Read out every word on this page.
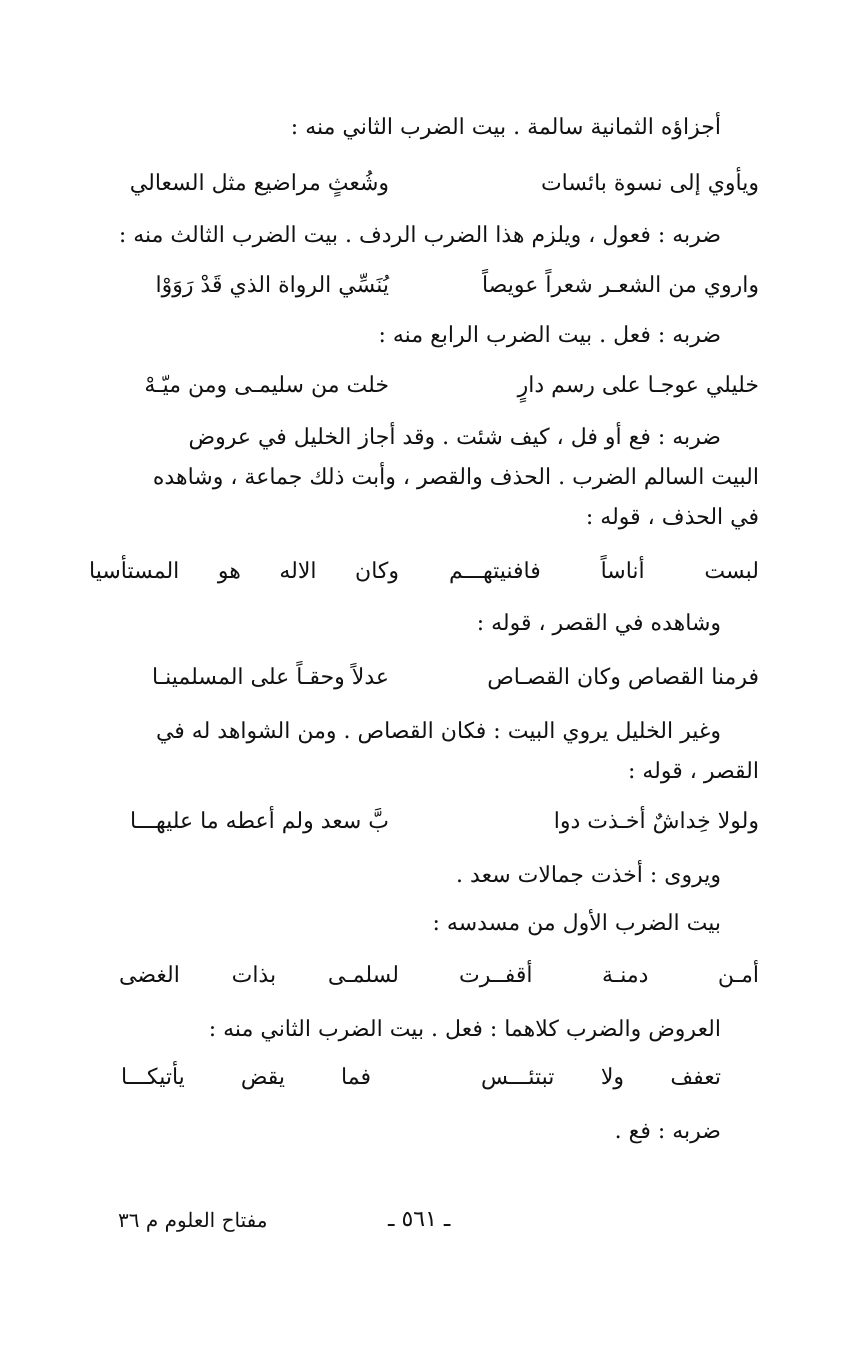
أجزاؤه الثمانية سالمة . بيت الضرب الثاني منه :
ويأوي إلى نسوة بائسات
وشُعثٍ مراضيع مثل السعالي
ضربه : فعول ، ويلزم هذا الضرب الردف . بيت الضرب الثالث منه :
واروي من الشعـر شعراً عويصاً
يُنَسِّي الرواة الذي قَدْ رَوَوْا
ضربه : فعل . بيت الضرب الرابع منه :
خليلي عوجـا على رسم دارٍ
خلت من سليمـى ومن ميّـهْ
ضربه : فع أو فل ، كيف شئت . وقد أجاز الخليل في عروض
البيت السالم الضرب . الحذف والقصر ، وأبت ذلك جماعة ، وشاهده
في الحذف ، قوله :
لبست
أناساً
فافنيتهـــم
وكان
الاله
هو
المستأسيا
وشاهده في القصر ، قوله :
فرمنا القصاص وكان القصـاص
عدلاً وحقـاً على المسلمينـا
وغير الخليل يروي البيت : فكان القصاص . ومن الشواهد له في
القصر ، قوله :
ولولا خِداشٌ أخـذت دوا
بَّ سعد ولم أعطه ما عليهـــا
ويروى : أخذت جمالات سعد .
بيت الضرب الأول من مسدسه :
أمـن
دمنـة
أقفــرت
لسلمـى
بذات
الغضى
العروض والضرب كلاهما : فعل . بيت الضرب الثاني منه :
تعفف
ولا
تبتئـــس
فما
يقض
يأتيكـــا
ضربه : فع .
ـ ٥٦١ ـ
مفتاح العلوم م ٣٦
